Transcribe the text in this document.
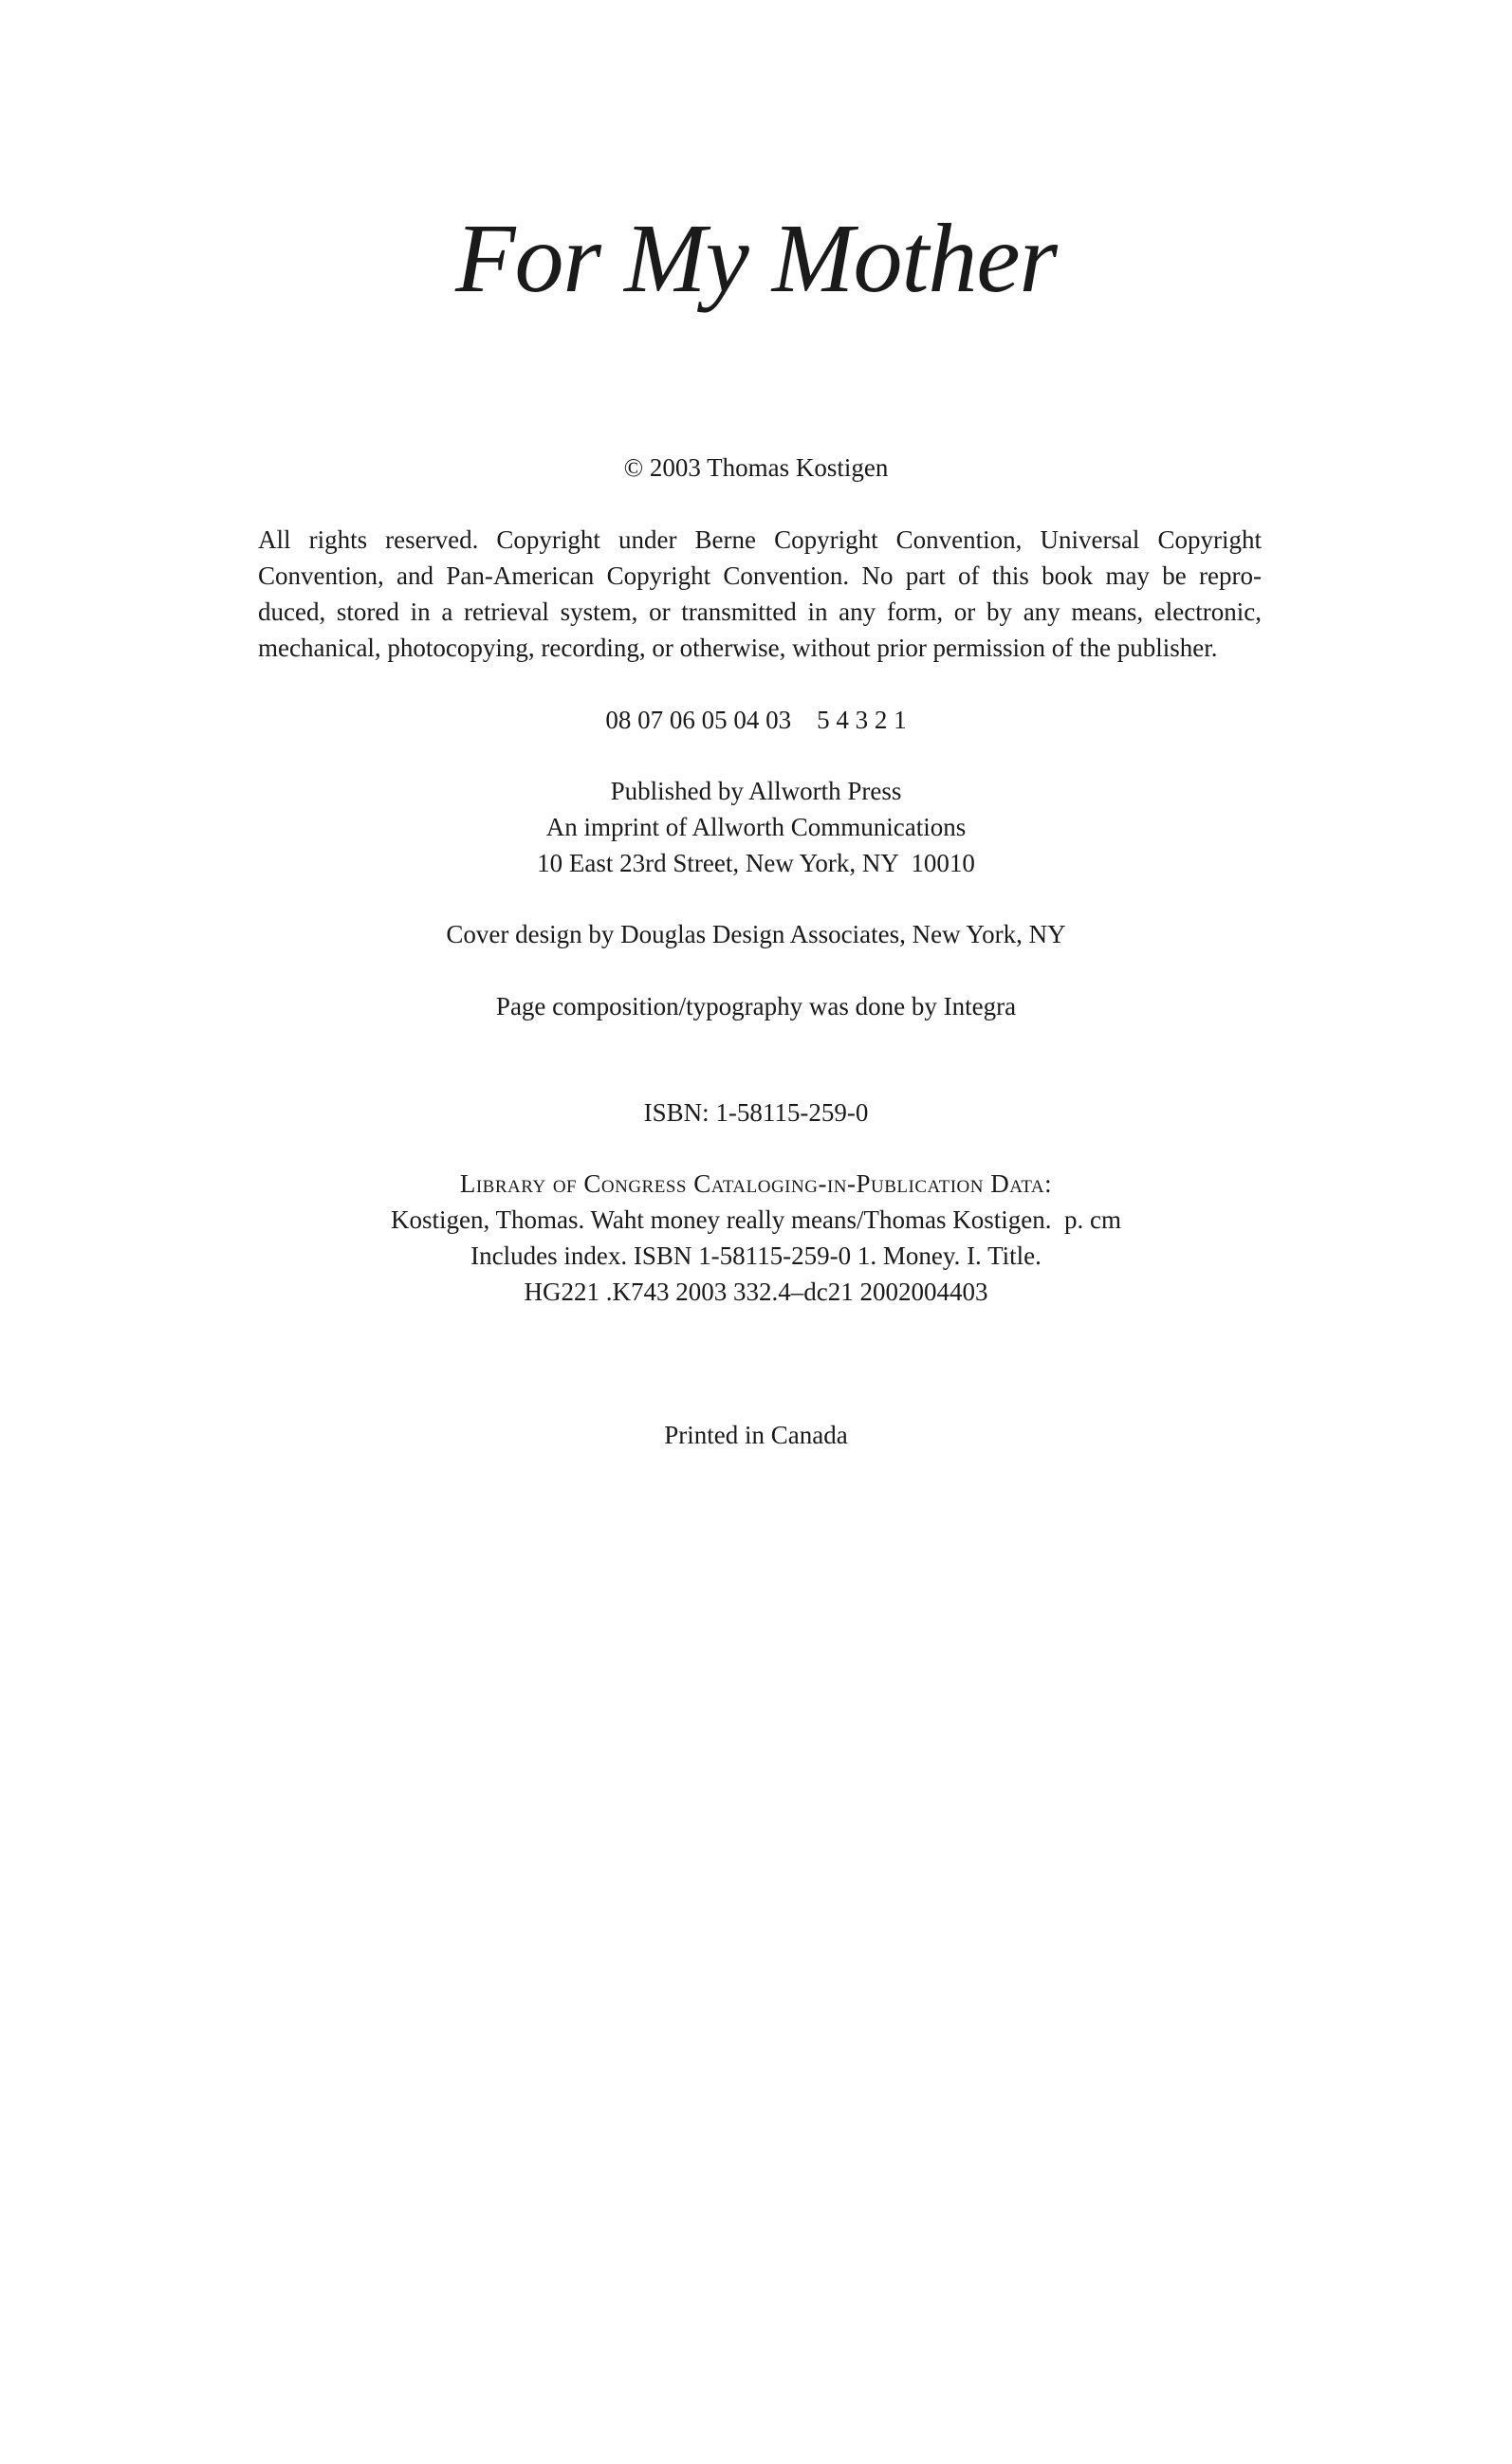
For My Mother
© 2003 Thomas Kostigen
All rights reserved. Copyright under Berne Copyright Convention, Universal Copyright
Convention, and Pan-American Copyright Convention. No part of this book may be repro-
duced, stored in a retrieval system, or transmitted in any form, or by any means, electronic,
mechanical, photocopying, recording, or otherwise, without prior permission of the publisher.
08 07 06 05 04 03    5 4 3 2 1
Published by Allworth Press
An imprint of Allworth Communications
10 East 23rd Street, New York, NY  10010
Cover design by Douglas Design Associates, New York, NY
Page composition/typography was done by Integra
ISBN: 1-58115-259-0
Library of Congress Cataloging-in-Publication Data:
Kostigen, Thomas. Waht money really means/Thomas Kostigen.  p. cm
Includes index. ISBN 1-58115-259-0 1. Money. I. Title.
HG221 .K743 2003 332.4–dc21 2002004403
Printed in Canada
